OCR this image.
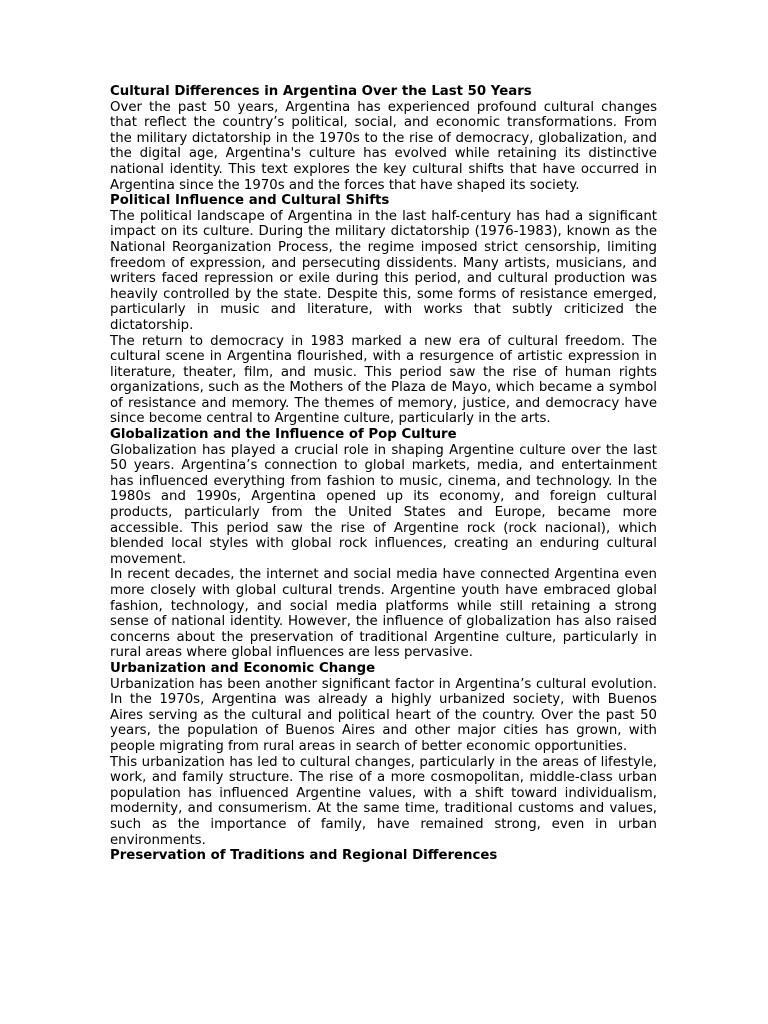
Cultural Differences in Argentina Over the Last 50 Years

Over the past 50 years, Argentina has experienced profound cultural changes that reflect the country’s political, social, and economic transformations. From the military dictatorship in the 1970s to the rise of democracy, globalization, and the digital age, Argentina's culture has evolved while retaining its distinctive national identity. This text explores the key cultural shifts that have occurred in Argentina since the 1970s and the forces that have shaped its society.

Political Influence and Cultural Shifts

The political landscape of Argentina in the last half-century has had a significant impact on its culture. During the military dictatorship (1976-1983), known as the National Reorganization Process, the regime imposed strict censorship, limiting freedom of expression, and persecuting dissidents. Many artists, musicians, and writers faced repression or exile during this period, and cultural production was heavily controlled by the state. Despite this, some forms of resistance emerged, particularly in music and literature, with works that subtly criticized the dictatorship.

The return to democracy in 1983 marked a new era of cultural freedom. The cultural scene in Argentina flourished, with a resurgence of artistic expression in literature, theater, film, and music. This period saw the rise of human rights organizations, such as the Mothers of the Plaza de Mayo, which became a symbol of resistance and memory. The themes of memory, justice, and democracy have since become central to Argentine culture, particularly in the arts.

Globalization and the Influence of Pop Culture

Globalization has played a crucial role in shaping Argentine culture over the last 50 years. Argentina’s connection to global markets, media, and entertainment has influenced everything from fashion to music, cinema, and technology. In the 1980s and 1990s, Argentina opened up its economy, and foreign cultural products, particularly from the United States and Europe, became more accessible. This period saw the rise of Argentine rock (rock nacional), which blended local styles with global rock influences, creating an enduring cultural movement.

In recent decades, the internet and social media have connected Argentina even more closely with global cultural trends. Argentine youth have embraced global fashion, technology, and social media platforms while still retaining a strong sense of national identity. However, the influence of globalization has also raised concerns about the preservation of traditional Argentine culture, particularly in rural areas where global influences are less pervasive.

Urbanization and Economic Change

Urbanization has been another significant factor in Argentina’s cultural evolution. In the 1970s, Argentina was already a highly urbanized society, with Buenos Aires serving as the cultural and political heart of the country. Over the past 50 years, the population of Buenos Aires and other major cities has grown, with people migrating from rural areas in search of better economic opportunities.

This urbanization has led to cultural changes, particularly in the areas of lifestyle, work, and family structure. The rise of a more cosmopolitan, middle-class urban population has influenced Argentine values, with a shift toward individualism, modernity, and consumerism. At the same time, traditional customs and values, such as the importance of family, have remained strong, even in urban environments.

Preservation of Traditions and Regional Differences
